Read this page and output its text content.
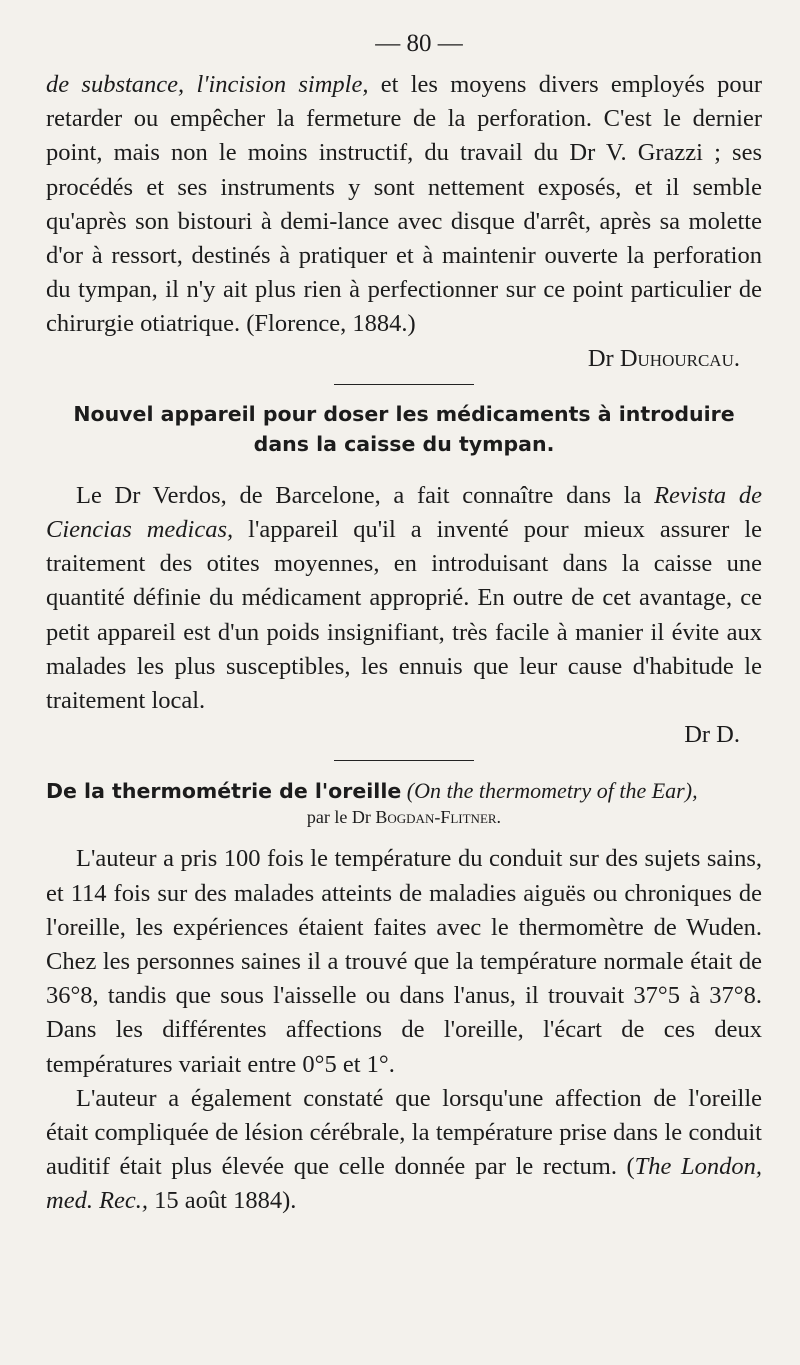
— 80 —

de substance, l'incision simple, et les moyens divers employés pour retarder ou empêcher la fermeture de la perforation. C'est le dernier point, mais non le moins instructif, du travail du Dr V. Grazzi ; ses procédés et ses instruments y sont nettement exposés, et il semble qu'après son bistouri à demi-lance avec disque d'arrêt, après sa molette d'or à ressort, destinés à pratiquer et à maintenir ouverte la perforation du tympan, il n'y ait plus rien à perfectionner sur ce point particulier de chirurgie otiatrique. (Florence, 1884.)

Dr Duhourcau.

Nouvel appareil pour doser les médicaments à introduire dans la caisse du tympan.

Le Dr Verdos, de Barcelone, a fait connaître dans la Revista de Ciencias medicas, l'appareil qu'il a inventé pour mieux assurer le traitement des otites moyennes, en introduisant dans la caisse une quantité définie du médicament approprié. En outre de cet avantage, ce petit appareil est d'un poids insignifiant, très facile à manier il évite aux malades les plus susceptibles, les ennuis que leur cause d'habitude le traitement local.

Dr D.

De la thermométrie de l'oreille (On the thermometry of the Ear),
par le Dr Bogdan-Flitner.

L'auteur a pris 100 fois le température du conduit sur des sujets sains, et 114 fois sur des malades atteints de maladies aiguës ou chroniques de l'oreille, les expériences étaient faites avec le thermomètre de Wuden. Chez les personnes saines il a trouvé que la température normale était de 36°8, tandis que sous l'aisselle ou dans l'anus, il trouvait 37°5 à 37°8. Dans les différentes affections de l'oreille, l'écart de ces deux températures variait entre 0°5 et 1°.

L'auteur a également constaté que lorsqu'une affection de l'oreille était compliquée de lésion cérébrale, la température prise dans le conduit auditif était plus élevée que celle donnée par le rectum. (The London, med. Rec., 15 août 1884).
